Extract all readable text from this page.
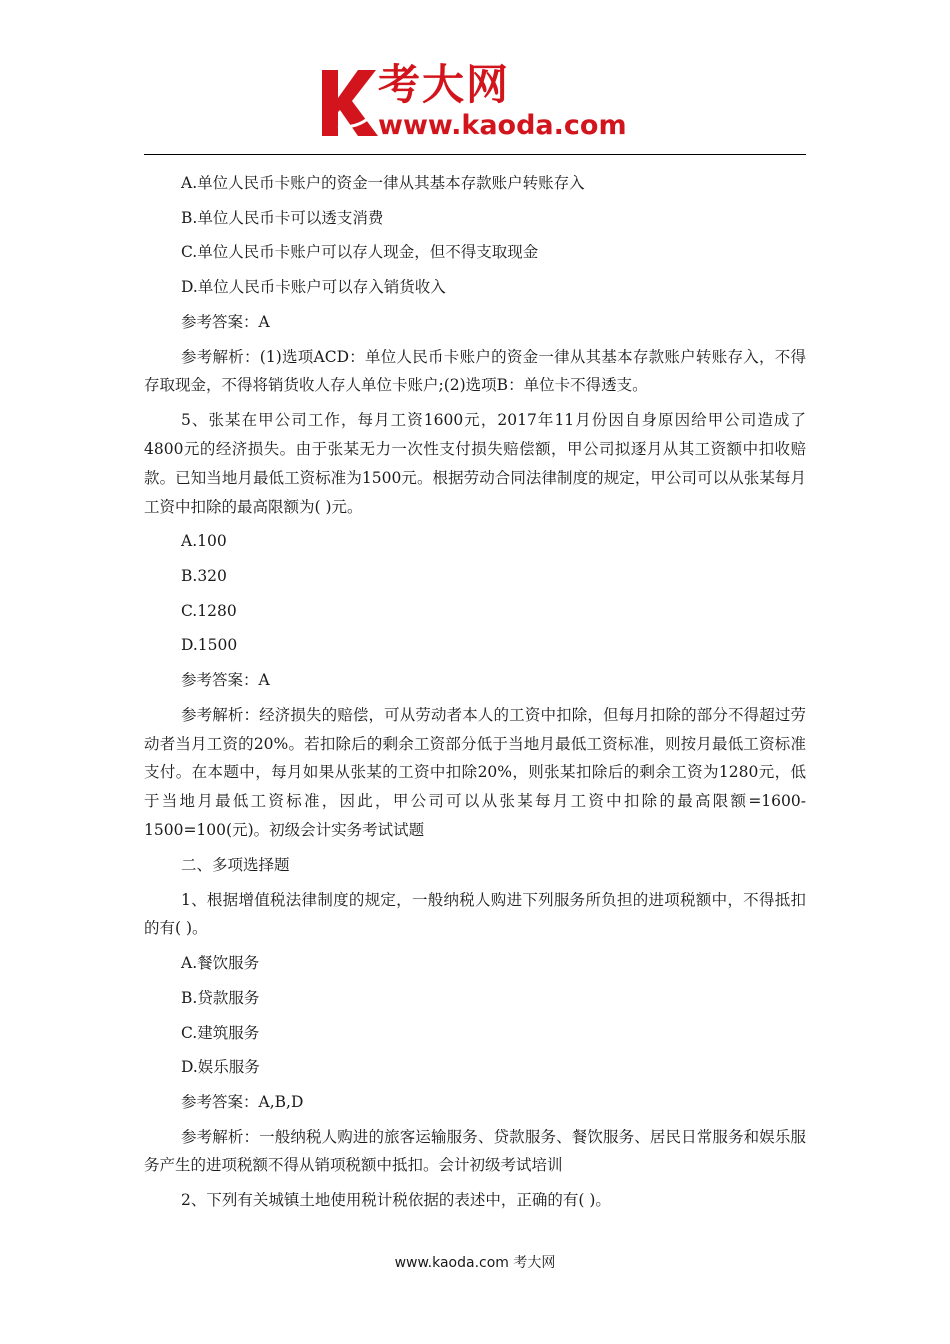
考大网
www.kaoda.com

A.单位人民币卡账户的资金一律从其基本存款账户转账存入

B.单位人民币卡可以透支消费

C.单位人民币卡账户可以存人现金，但不得支取现金

D.单位人民币卡账户可以存入销货收入

参考答案：A

参考解析：(1)选项ACD：单位人民币卡账户的资金一律从其基本存款账户转账存入，不得存取现金，不得将销货收人存人单位卡账户;(2)选项B：单位卡不得透支。

5、张某在甲公司工作，每月工资1600元，2017年11月份因自身原因给甲公司造成了4800元的经济损失。由于张某无力一次性支付损失赔偿额，甲公司拟逐月从其工资额中扣收赔款。已知当地月最低工资标准为1500元。根据劳动合同法律制度的规定，甲公司可以从张某每月工资中扣除的最高限额为( )元。

A.100

B.320

C.1280

D.1500

参考答案：A

参考解析：经济损失的赔偿，可从劳动者本人的工资中扣除，但每月扣除的部分不得超过劳动者当月工资的20%。若扣除后的剩余工资部分低于当地月最低工资标准，则按月最低工资标准支付。在本题中，每月如果从张某的工资中扣除20%，则张某扣除后的剩余工资为1280元，低于当地月最低工资标准，因此，甲公司可以从张某每月工资中扣除的最高限额=1600-1500=100(元)。初级会计实务考试试题

二、多项选择题

1、根据增值税法律制度的规定，一般纳税人购进下列服务所负担的进项税额中，不得抵扣的有( )。

A.餐饮服务

B.贷款服务

C.建筑服务

D.娱乐服务

参考答案：A,B,D

参考解析：一般纳税人购进的旅客运输服务、贷款服务、餐饮服务、居民日常服务和娱乐服务产生的进项税额不得从销项税额中抵扣。会计初级考试培训

2、下列有关城镇土地使用税计税依据的表述中，正确的有( )。

www.kaoda.com 考大网
